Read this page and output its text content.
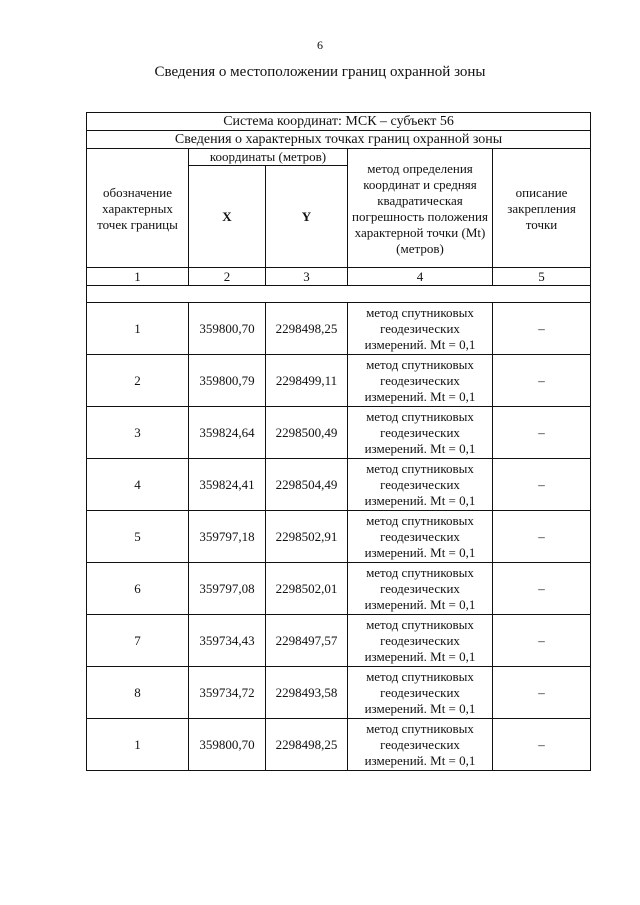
6
Сведения о местоположении границ охранной зоны
Система координат: МСК – субъект 56				
Сведения о характерных точках границ охранной зоны				
обозначение характерных точек границы	координаты (метров)		метод определения координат и средняя квадратическая погрешность положения характерной точки (Mt) (метров)	описание закрепления точки
	X	Y		
1	2	3	4	5

1	359800,70	2298498,25	метод спутниковых геодезических измерений. Mt = 0,1	–
2	359800,79	2298499,11	метод спутниковых геодезических измерений. Mt = 0,1	–
3	359824,64	2298500,49	метод спутниковых геодезических измерений. Mt = 0,1	–
4	359824,41	2298504,49	метод спутниковых геодезических измерений. Mt = 0,1	–
5	359797,18	2298502,91	метод спутниковых геодезических измерений. Mt = 0,1	–
6	359797,08	2298502,01	метод спутниковых геодезических измерений. Mt = 0,1	–
7	359734,43	2298497,57	метод спутниковых геодезических измерений. Mt = 0,1	–
8	359734,72	2298493,58	метод спутниковых геодезических измерений. Mt = 0,1	–
1	359800,70	2298498,25	метод спутниковых геодезических измерений. Mt = 0,1	–
